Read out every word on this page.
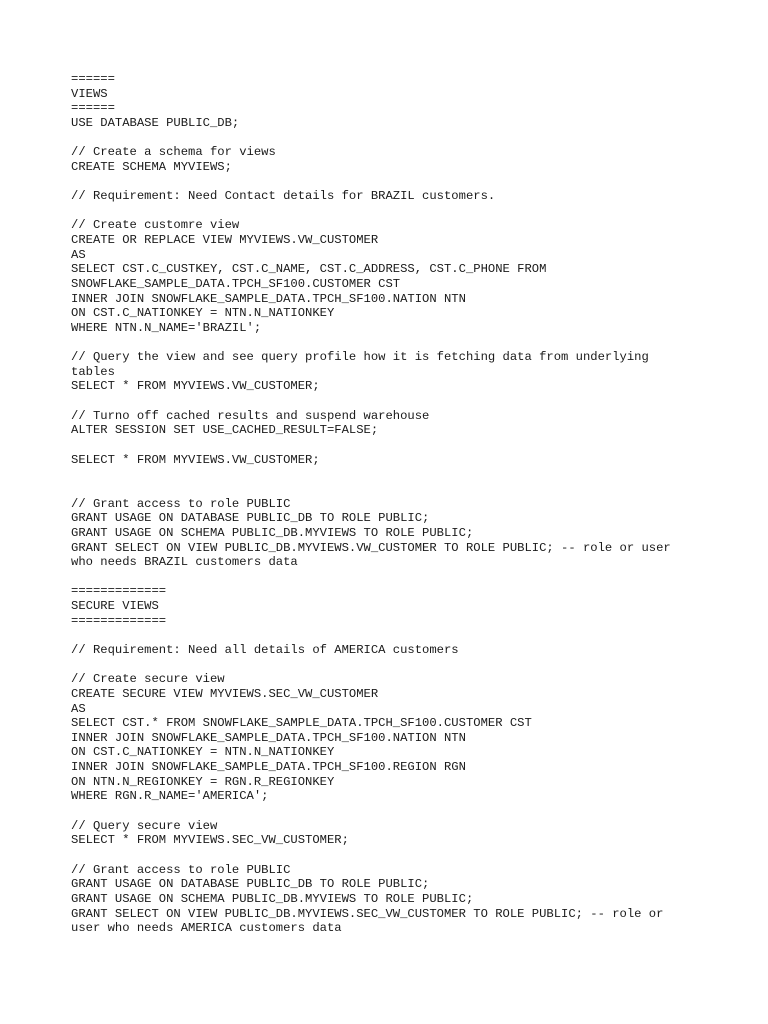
======
VIEWS
======
USE DATABASE PUBLIC_DB;
// Create a schema for views
CREATE SCHEMA MYVIEWS;
// Requirement: Need Contact details for BRAZIL customers.
// Create customre view
CREATE OR REPLACE VIEW MYVIEWS.VW_CUSTOMER
AS
SELECT CST.C_CUSTKEY, CST.C_NAME, CST.C_ADDRESS, CST.C_PHONE FROM
SNOWFLAKE_SAMPLE_DATA.TPCH_SF100.CUSTOMER CST
INNER JOIN SNOWFLAKE_SAMPLE_DATA.TPCH_SF100.NATION NTN
ON CST.C_NATIONKEY = NTN.N_NATIONKEY
WHERE NTN.N_NAME='BRAZIL';
// Query the view and see query profile how it is fetching data from underlying
tables
SELECT * FROM MYVIEWS.VW_CUSTOMER;
// Turno off cached results and suspend warehouse
ALTER SESSION SET USE_CACHED_RESULT=FALSE;
SELECT * FROM MYVIEWS.VW_CUSTOMER;
// Grant access to role PUBLIC
GRANT USAGE ON DATABASE PUBLIC_DB TO ROLE PUBLIC;
GRANT USAGE ON SCHEMA PUBLIC_DB.MYVIEWS TO ROLE PUBLIC;
GRANT SELECT ON VIEW PUBLIC_DB.MYVIEWS.VW_CUSTOMER TO ROLE PUBLIC; -- role or user
who needs BRAZIL customers data
=============
SECURE VIEWS
=============
// Requirement: Need all details of AMERICA customers
// Create secure view
CREATE SECURE VIEW MYVIEWS.SEC_VW_CUSTOMER
AS
SELECT CST.* FROM SNOWFLAKE_SAMPLE_DATA.TPCH_SF100.CUSTOMER CST
INNER JOIN SNOWFLAKE_SAMPLE_DATA.TPCH_SF100.NATION NTN
ON CST.C_NATIONKEY = NTN.N_NATIONKEY
INNER JOIN SNOWFLAKE_SAMPLE_DATA.TPCH_SF100.REGION RGN
ON NTN.N_REGIONKEY = RGN.R_REGIONKEY
WHERE RGN.R_NAME='AMERICA';
// Query secure view
SELECT * FROM MYVIEWS.SEC_VW_CUSTOMER;
// Grant access to role PUBLIC
GRANT USAGE ON DATABASE PUBLIC_DB TO ROLE PUBLIC;
GRANT USAGE ON SCHEMA PUBLIC_DB.MYVIEWS TO ROLE PUBLIC;
GRANT SELECT ON VIEW PUBLIC_DB.MYVIEWS.SEC_VW_CUSTOMER TO ROLE PUBLIC; -- role or
user who needs AMERICA customers data
